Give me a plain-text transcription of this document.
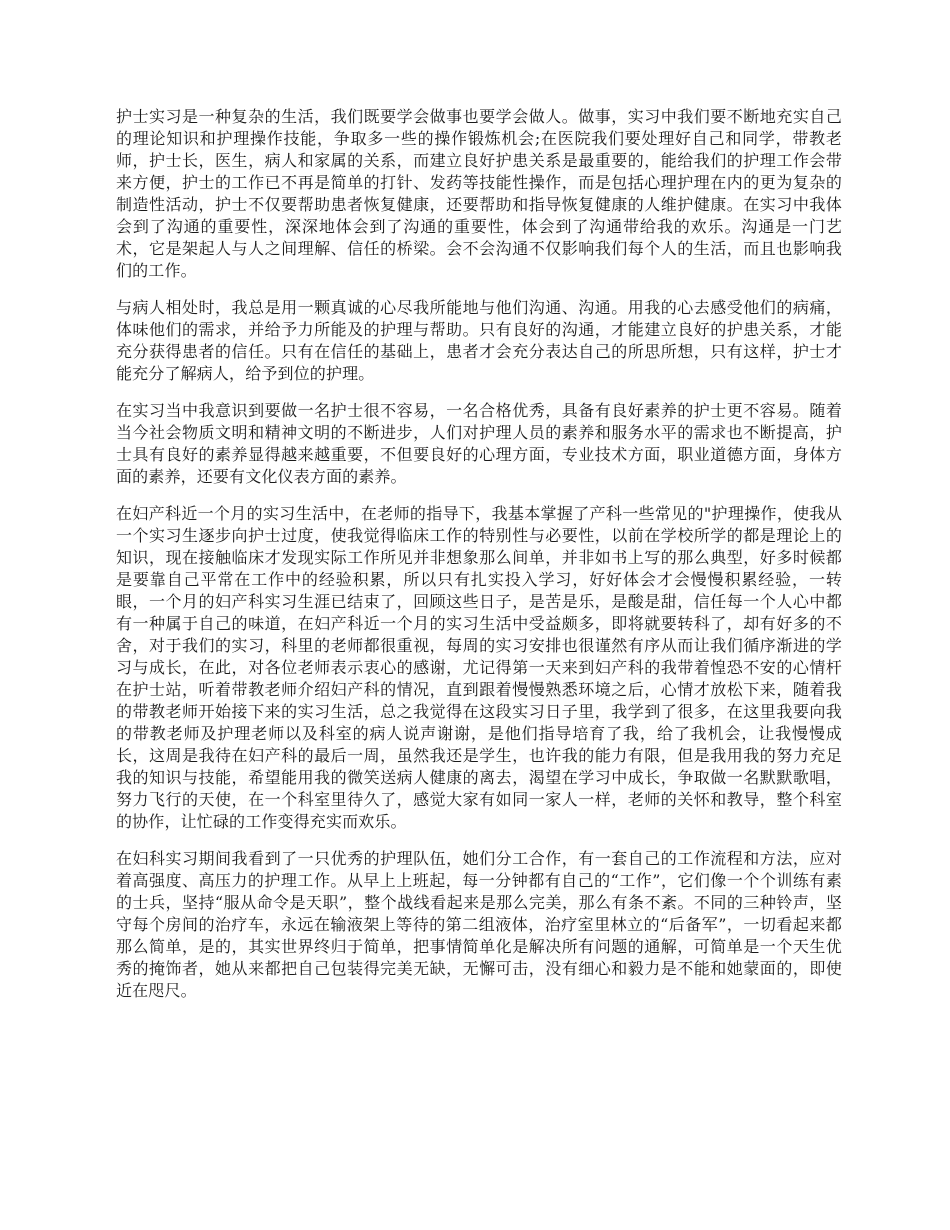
护士实习是一种复杂的生活，我们既要学会做事也要学会做人。做事，实习中我们要不断地充实自己的理论知识和护理操作技能，争取多一些的操作锻炼机会;在医院我们要处理好自己和同学，带教老师，护士长，医生，病人和家属的关系，而建立良好护患关系是最重要的，能给我们的护理工作会带来方便，护士的工作已不再是简单的打针、发药等技能性操作，而是包括心理护理在内的更为复杂的制造性活动，护士不仅要帮助患者恢复健康，还要帮助和指导恢复健康的人维护健康。在实习中我体会到了沟通的重要性，深深地体会到了沟通的重要性，体会到了沟通带给我的欢乐。沟通是一门艺术，它是架起人与人之间理解、信任的桥梁。会不会沟通不仅影响我们每个人的生活，而且也影响我们的工作。

与病人相处时，我总是用一颗真诚的心尽我所能地与他们沟通、沟通。用我的心去感受他们的病痛，体味他们的需求，并给予力所能及的护理与帮助。只有良好的沟通，才能建立良好的护患关系，才能充分获得患者的信任。只有在信任的基础上，患者才会充分表达自己的所思所想，只有这样，护士才能充分了解病人，给予到位的护理。

在实习当中我意识到要做一名护士很不容易，一名合格优秀，具备有良好素养的护士更不容易。随着当今社会物质文明和精神文明的不断进步，人们对护理人员的素养和服务水平的需求也不断提高，护士具有良好的素养显得越来越重要，不但要良好的心理方面，专业技术方面，职业道德方面，身体方面的素养，还要有文化仪表方面的素养。

在妇产科近一个月的实习生活中，在老师的指导下，我基本掌握了产科一些常见的"护理操作，使我从一个实习生逐步向护士过度，使我觉得临床工作的特别性与必要性，以前在学校所学的都是理论上的知识，现在接触临床才发现实际工作所见并非想象那么间单，并非如书上写的那么典型，好多时候都是要靠自己平常在工作中的经验积累，所以只有扎实投入学习，好好体会才会慢慢积累经验，一转眼，一个月的妇产科实习生涯已结束了，回顾这些日子，是苦是乐，是酸是甜，信任每一个人心中都有一种属于自己的味道，在妇产科近一个月的实习生活中受益颇多，即将就要转科了，却有好多的不舍，对于我们的实习，科里的老师都很重视，每周的实习安排也很谨然有序从而让我们循序渐进的学习与成长，在此，对各位老师表示衷心的感谢，尤记得第一天来到妇产科的我带着惶恐不安的心情杆在护士站，听着带教老师介绍妇产科的情况，直到跟着慢慢熟悉环境之后，心情才放松下来，随着我的带教老师开始接下来的实习生活，总之我觉得在这段实习日子里，我学到了很多，在这里我要向我的带教老师及护理老师以及科室的病人说声谢谢，是他们指导培育了我，给了我机会，让我慢慢成长，这周是我待在妇产科的最后一周，虽然我还是学生，也许我的能力有限，但是我用我的努力充足我的知识与技能，希望能用我的微笑送病人健康的离去，渴望在学习中成长，争取做一名默默歌唱，努力飞行的天使，在一个科室里待久了，感觉大家有如同一家人一样，老师的关怀和教导，整个科室的协作，让忙碌的工作变得充实而欢乐。

在妇科实习期间我看到了一只优秀的护理队伍，她们分工合作，有一套自己的工作流程和方法，应对着高强度、高压力的护理工作。从早上上班起，每一分钟都有自己的“工作”，它们像一个个训练有素的士兵，坚持“服从命令是天职”，整个战线看起来是那么完美，那么有条不紊。不同的三种铃声，坚守每个房间的治疗车，永远在输液架上等待的第二组液体，治疗室里林立的“后备军”，一切看起来都那么简单，是的，其实世界终归于简单，把事情简单化是解决所有问题的通解，可简单是一个天生优秀的掩饰者，她从来都把自己包装得完美无缺，无懈可击，没有细心和毅力是不能和她蒙面的，即使近在咫尺。
